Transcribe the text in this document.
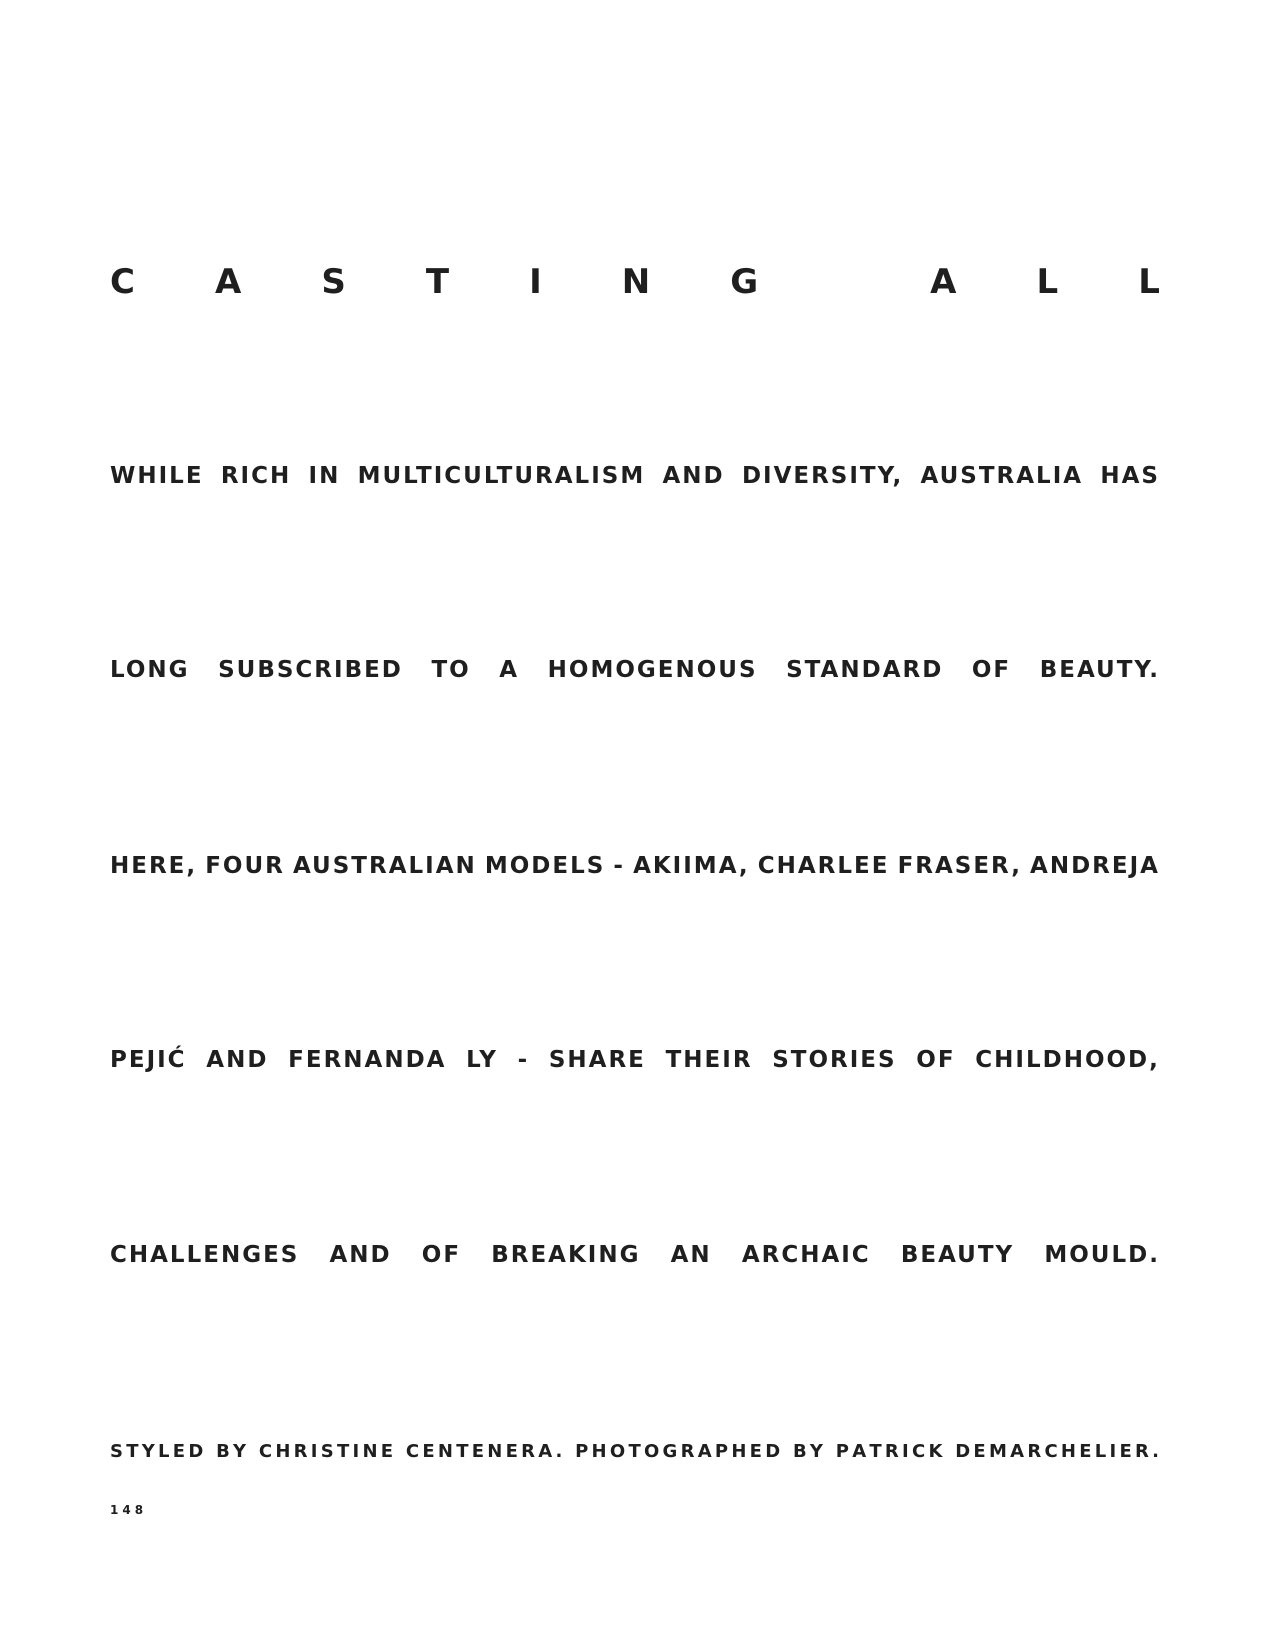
C A S T I N G
	A L L
WHILE RICH IN MULTICULTURALISM AND DIVERSITY, AUSTRALIA HAS
LONG SUBSCRIBED TO A HOMOGENOUS STANDARD OF BEAUTY.
HERE, FOUR AUSTRALIAN MODELS - AKIIMA, CHARLEE FRASER, ANDREJA
PEJIĆ AND FERNANDA LY - SHARE THEIR STORIES OF CHILDHOOD,
CHALLENGES AND OF BREAKING AN ARCHAIC BEAUTY MOULD.
S T Y L E D
B Y
C H R I S T I N E
C E N T E N E R A .
P H O T O G R A P H E D
B Y
P A T R I C K
D E M A R C H E L I E R .
148
